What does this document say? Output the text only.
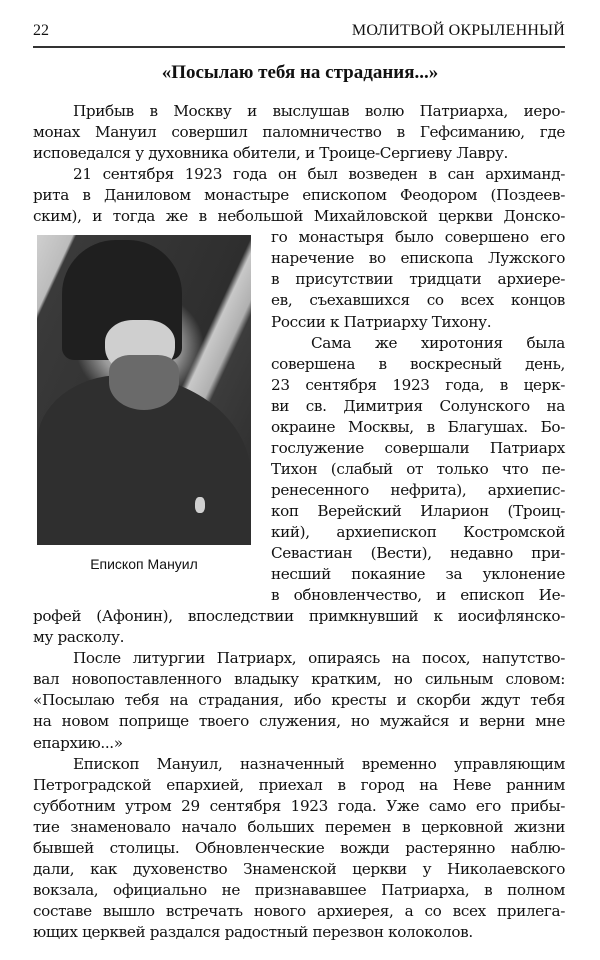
22	МОЛИТВОЙ ОКРЫЛЕННЫЙ
«Посылаю тебя на страдания...»
Епископ Мануил
Прибыв в Москву и выслушав волю Патриарха, иеро-
монах Мануил совершил паломничество в Гефсиманию, где
исповедался у духовника обители, и Троице-Сергиеву Лавру.
21 сентября 1923 года он был возведен в сан архиманд-
рита в Даниловом монастыре епископом Феодором (Поздеев-
ским), и тогда же в небольшой Михайловской церкви Донско-
го монастыря было совершено его
наречение во епископа Лужского
в присутствии тридцати архиере-
ев, съехавшихся со всех концов
России к Патриарху Тихону.
Сама же хиротония была
совершена в воскресный день,
23 сентября 1923 года, в церк-
ви св. Димитрия Солунского на
окраине Москвы, в Благушах. Бо-
гослужение совершали Патриарх
Тихон (слабый от только что пе-
ренесенного нефрита), архиепис-
коп Верейский Иларион (Троиц-
кий), архиепископ Костромской
Севастиан (Вести), недавно при-
несший покаяние за уклонение
в обновленчество, и епископ Ие-
рофей (Афонин), впоследствии примкнувший к иосифлянско-
му расколу.
После литургии Патриарх, опираясь на посох, напутство-
вал новопоставленного владыку кратким, но сильным словом:
«Посылаю тебя на страдания, ибо кресты и скорби ждут тебя
на новом поприще твоего служения, но мужайся и верни мне
епархию...»
Епископ Мануил, назначенный временно управляющим
Петроградской епархией, приехал в город на Неве ранним
субботним утром 29 сентября 1923 года. Уже само его прибы-
тие знаменовало начало больших перемен в церковной жизни
бывшей столицы. Обновленческие вожди растерянно наблю-
дали, как духовенство Знаменской церкви у Николаевского
вокзала, официально не признававшее Патриарха, в полном
составе вышло встречать нового архиерея, а со всех прилега-
ющих церквей раздался радостный перезвон колоколов.
